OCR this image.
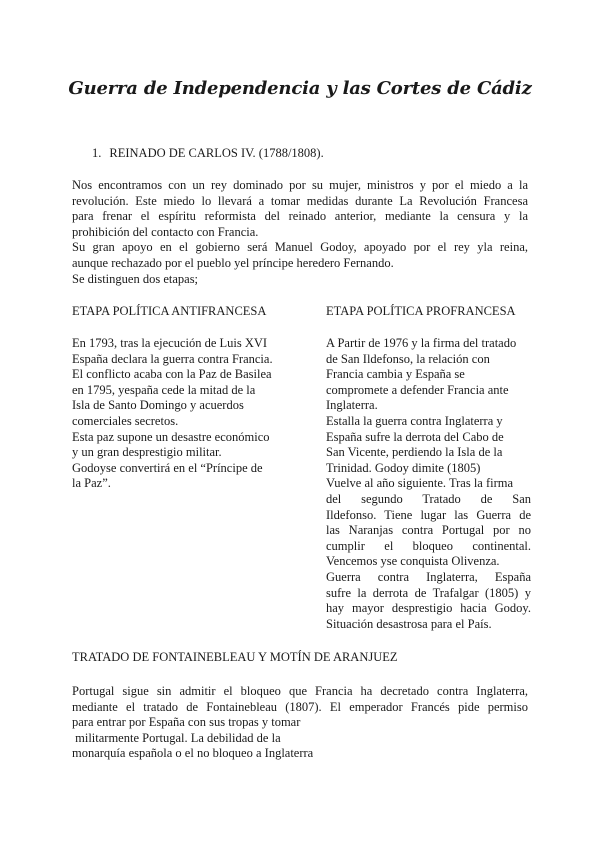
Guerra de Independencia y las Cortes de Cádiz

1. REINADO DE CARLOS IV. (1788/1808).

Nos encontramos con un rey dominado por su mujer, ministros y por el miedo a la
revolución. Este miedo lo llevará a tomar medidas durante La Revolución Francesa
para frenar el espíritu reformista del reinado anterior, mediante la censura y la
prohibición del contacto con Francia.
Su gran apoyo en el gobierno será Manuel Godoy, apoyado por el rey yla reina,
aunque rechazado por el pueblo yel príncipe heredero Fernando.
Se distinguen dos etapas;

ETAPA POLÍTICA ANTIFRANCESA	ETAPA POLÍTICA PROFRANCESA

En 1793, tras la ejecución de Luis XVI
España declara la guerra contra Francia.
El conflicto acaba con la Paz de Basilea
en 1795, yespaña cede la mitad de la
Isla de Santo Domingo y acuerdos
comerciales secretos.
Esta paz supone un desastre económico
y un gran desprestigio militar.
Godoyse convertirá en el “Príncipe de
la Paz”.
A Partir de 1976 y la firma del tratado
de San Ildefonso, la relación con
Francia cambia y España se
compromete a defender Francia ante
Inglaterra.
Estalla la guerra contra Inglaterra y
España sufre la derrota del Cabo de
San Vicente, perdiendo la Isla de la
Trinidad. Godoy dimite (1805)
Vuelve al año siguiente. Tras la firma
del segundo Tratado de San
Ildefonso. Tiene lugar las Guerra de
las Naranjas contra Portugal por no
cumplir el bloqueo continental.
Vencemos yse conquista Olivenza.
Guerra contra Inglaterra, España
sufre la derrota de Trafalgar (1805) y
hay mayor desprestigio hacia Godoy.
Situación desastrosa para el País.

TRATADO DE FONTAINEBLEAU Y MOTÍN DE ARANJUEZ

Portugal sigue sin admitir el bloqueo que Francia ha decretado contra Inglaterra,
mediante el tratado de Fontainebleau (1807). El emperador Francés pide permiso
para entrar por España con sus tropas y tomar
militarmente Portugal. La debilidad de la
monarquía española o el no bloqueo a Inglaterra
